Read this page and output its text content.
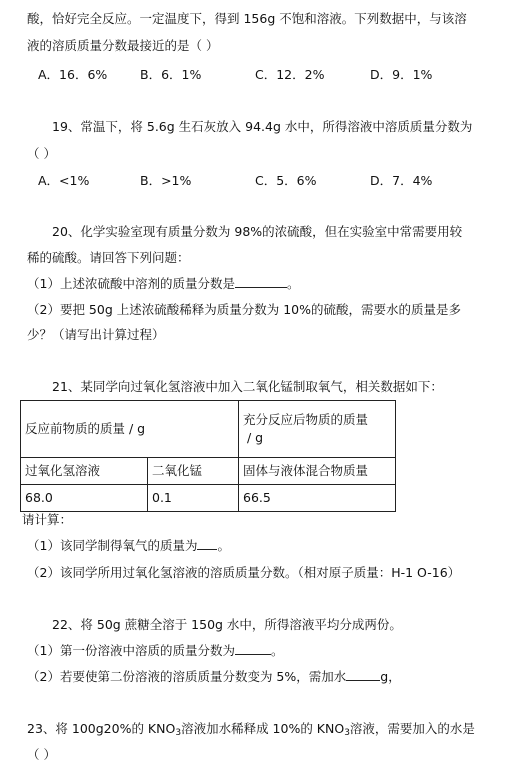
酸，恰好完全反应。一定温度下，得到 156g 不饱和溶液。下列数据中，与该溶
液的溶质质量分数最接近的是（ ）
A．16．6%	B．6．1%	C．12．2%	D．9．1%
19、常温下，将 5.6g 生石灰放入 94.4g 水中，所得溶液中溶质质量分数为
（ ）
A．<1%	B．>1%	C．5．6%	D．7．4%
20、化学实验室现有质量分数为 98%的浓硫酸，但在实验室中常需要用较
稀的硫酸。请回答下列问题：
（1）上述浓硫酸中溶剂的质量分数是	。
（2）要把 50g 上述浓硫酸稀释为质量分数为 10%的硫酸，需要水的质量是多
少？（请写出计算过程）
21、某同学向过氧化氢溶液中加入二氧化锰制取氧气，相关数据如下：
反应前物质的质量 / g		充分反应后物质的质量
/ g

过氧化氢溶液	二氧化锰	固体与液体混合物质量
68.0	0.1	66.5
请计算：
（1）该同学制得氧气的质量为 。
（2）该同学所用过氧化氢溶液的溶质质量分数。（相对原子质量：H-1 O-16）
22、将 50g 蔗糖全溶于 150g 水中，所得溶液平均分成两份。
（1）第一份溶液中溶质的质量分数为	。
（2）若要使第二份溶液的溶质质量分数变为 5%，需加水	g，
23、将 100g20%的 $KNO_3$溶液加水稀释成 10%的 $KNO_3$溶液，需要加入的水是
（ ）
